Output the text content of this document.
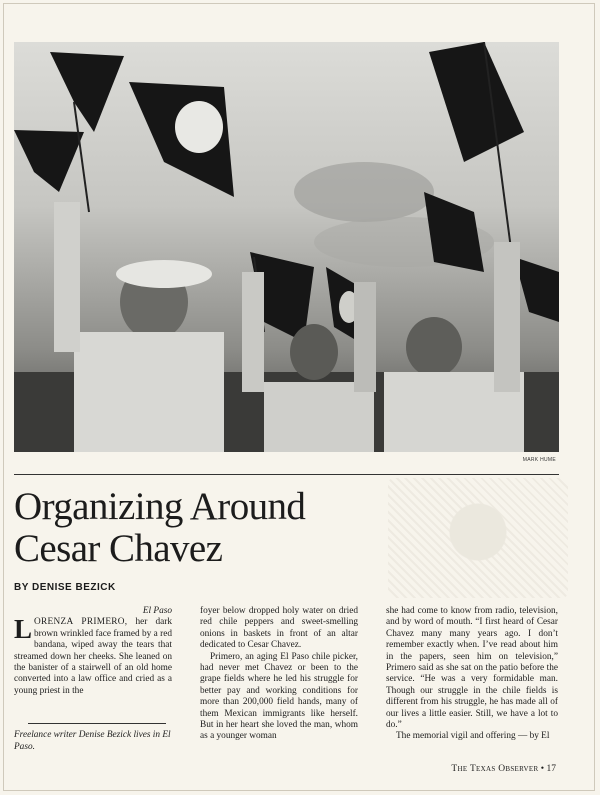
MARK HUME
Organizing Around
Cesar Chavez
BY DENISE BEZICK

El Paso

LORENZA PRIMERO, her dark brown wrinkled face framed by a red bandana, wiped away the tears that streamed down her cheeks. She leaned on the banister of a stairwell of an old home converted into a law office and cried as a young priest in the

Freelance writer Denise Bezick lives in El Paso.

foyer below dropped holy water on dried red chile peppers and sweet-smelling onions in baskets in front of an altar dedicated to Cesar Chavez.

Primero, an aging El Paso chile picker, had never met Chavez or been to the grape fields where he led his struggle for better pay and working conditions for more than 200,000 field hands, many of them Mexican immigrants like herself. But in her heart she loved the man, whom as a younger woman

she had come to know from radio, television, and by word of mouth. “I first heard of Cesar Chavez many many years ago. I don’t remember exactly when. I’ve read about him in the papers, seen him on television,” Primero said as she sat on the patio before the service. “He was a very formidable man. Though our struggle in the chile fields is different from his struggle, he has made all of our lives a little easier. Still, we have a lot to do.”

The memorial vigil and offering — by El

The Texas Observer • 17
